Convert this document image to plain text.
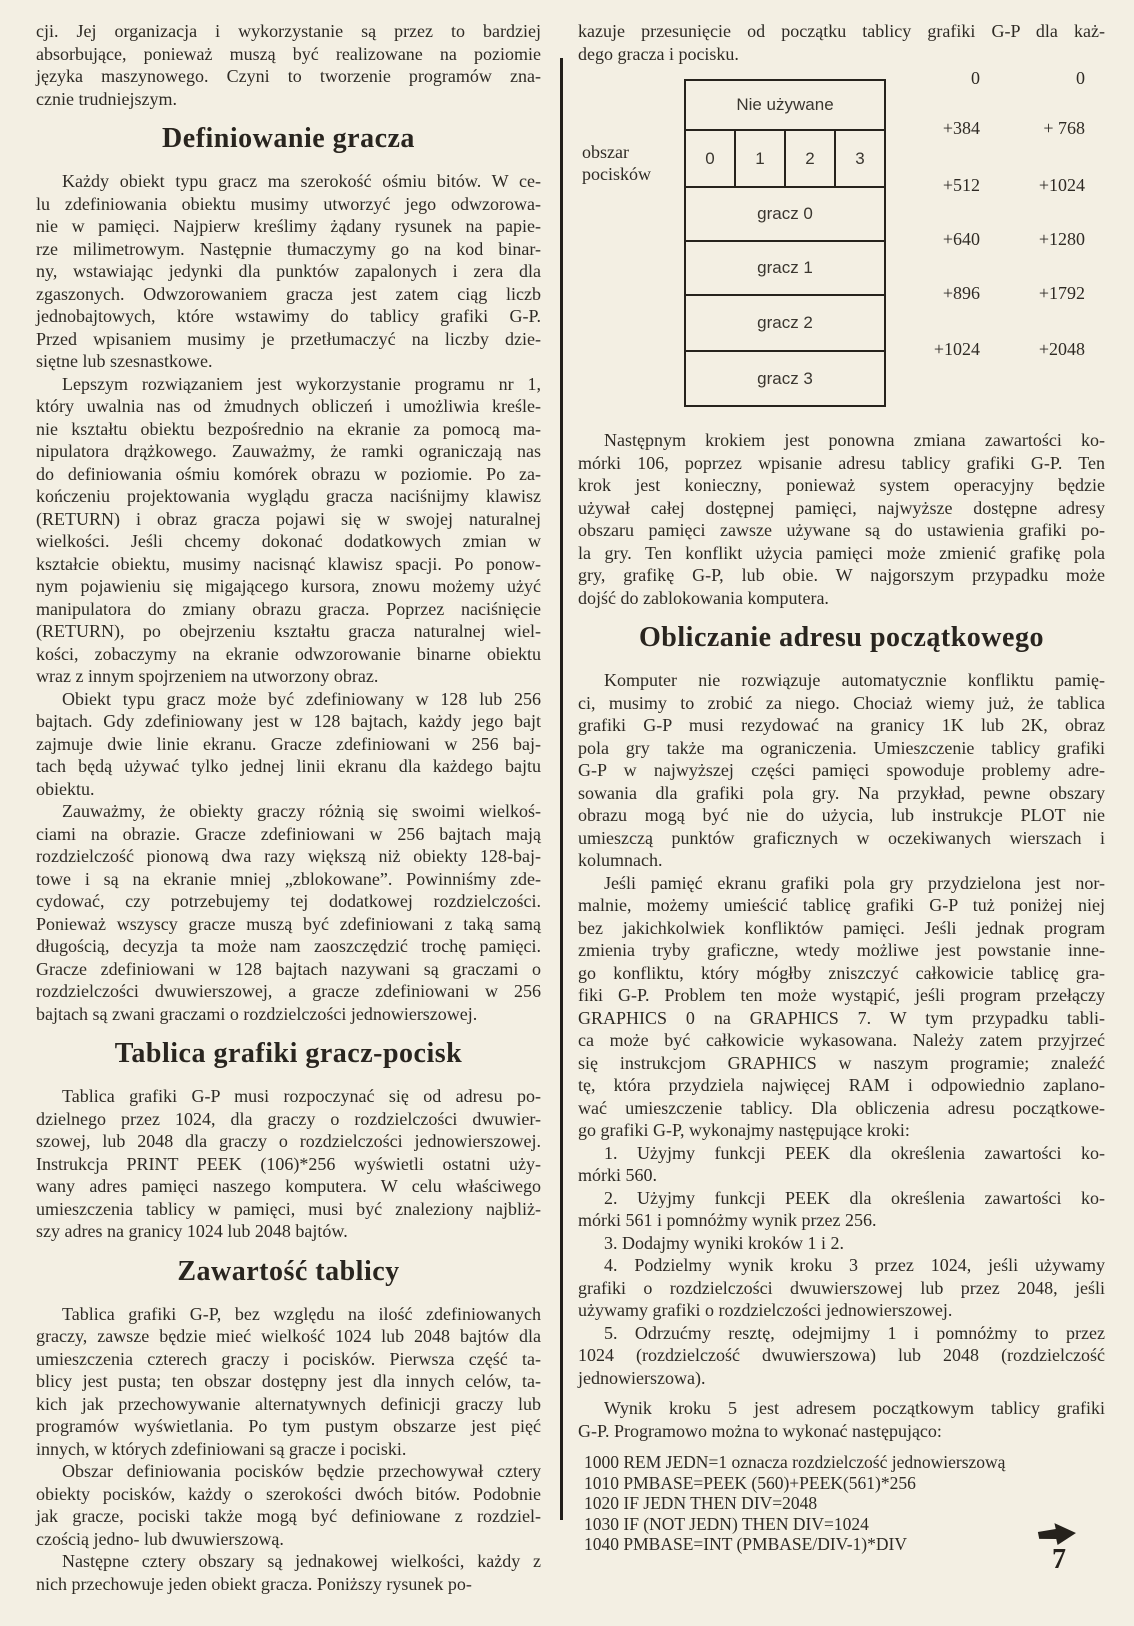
cji. Jej organizacja i wykorzystanie są przez to bardziej
absorbujące, ponieważ muszą być realizowane na poziomie
języka maszynowego. Czyni to tworzenie programów zna-
cznie trudniejszym.
Definiowanie gracza
Każdy obiekt typu gracz ma szerokość ośmiu bitów. W ce-
lu zdefiniowania obiektu musimy utworzyć jego odwzorowa-
nie w pamięci. Najpierw kreślimy żądany rysunek na papie-
rze milimetrowym. Następnie tłumaczymy go na kod binar-
ny, wstawiając jedynki dla punktów zapalonych i zera dla
zgaszonych. Odwzorowaniem gracza jest zatem ciąg liczb
jednobajtowych, które wstawimy do tablicy grafiki G-P.
Przed wpisaniem musimy je przetłumaczyć na liczby dzie-
siętne lub szesnastkowe.
Lepszym rozwiązaniem jest wykorzystanie programu nr 1,
który uwalnia nas od żmudnych obliczeń i umożliwia kreśle-
nie kształtu obiektu bezpośrednio na ekranie za pomocą ma-
nipulatora drążkowego. Zauważmy, że ramki ograniczają nas
do definiowania ośmiu komórek obrazu w poziomie. Po za-
kończeniu projektowania wyglądu gracza naciśnijmy klawisz
(RETURN) i obraz gracza pojawi się w swojej naturalnej
wielkości. Jeśli chcemy dokonać dodatkowych zmian w
kształcie obiektu, musimy nacisnąć klawisz spacji. Po ponow-
nym pojawieniu się migającego kursora, znowu możemy użyć
manipulatora do zmiany obrazu gracza. Poprzez naciśnięcie
(RETURN), po obejrzeniu kształtu gracza naturalnej wiel-
kości, zobaczymy na ekranie odwzorowanie binarne obiektu
wraz z innym spojrzeniem na utworzony obraz.
Obiekt typu gracz może być zdefiniowany w 128 lub 256
bajtach. Gdy zdefiniowany jest w 128 bajtach, każdy jego bajt
zajmuje dwie linie ekranu. Gracze zdefiniowani w 256 baj-
tach będą używać tylko jednej linii ekranu dla każdego bajtu
obiektu.
Zauważmy, że obiekty graczy różnią się swoimi wielkoś-
ciami na obrazie. Gracze zdefiniowani w 256 bajtach mają
rozdzielczość pionową dwa razy większą niż obiekty 128-baj-
towe i są na ekranie mniej „zblokowane”. Powinniśmy zde-
cydować, czy potrzebujemy tej dodatkowej rozdzielczości.
Ponieważ wszyscy gracze muszą być zdefiniowani z taką samą
długością, decyzja ta może nam zaoszczędzić trochę pamięci.
Gracze zdefiniowani w 128 bajtach nazywani są graczami o
rozdzielczości dwuwierszowej, a gracze zdefiniowani w 256
bajtach są zwani graczami o rozdzielczości jednowierszowej.
Tablica grafiki gracz-pocisk
Tablica grafiki G-P musi rozpoczynać się od adresu po-
dzielnego przez 1024, dla graczy o rozdzielczości dwuwier-
szowej, lub 2048 dla graczy o rozdzielczości jednowierszowej.
Instrukcja PRINT PEEK (106)*256 wyświetli ostatni uży-
wany adres pamięci naszego komputera. W celu właściwego
umieszczenia tablicy w pamięci, musi być znaleziony najbliż-
szy adres na granicy 1024 lub 2048 bajtów.
Zawartość tablicy
Tablica grafiki G-P, bez względu na ilość zdefiniowanych
graczy, zawsze będzie mieć wielkość 1024 lub 2048 bajtów dla
umieszczenia czterech graczy i pocisków. Pierwsza część ta-
blicy jest pusta; ten obszar dostępny jest dla innych celów, ta-
kich jak przechowywanie alternatywnych definicji graczy lub
programów wyświetlania. Po tym pustym obszarze jest pięć
innych, w których zdefiniowani są gracze i pociski.
Obszar definiowania pocisków będzie przechowywał cztery
obiekty pocisków, każdy o szerokości dwóch bitów. Podobnie
jak gracze, pociski także mogą być definiowane z rozdziel-
czością jedno- lub dwuwierszową.
Następne cztery obszary są jednakowej wielkości, każdy z
nich przechowuje jeden obiekt gracza. Poniższy rysunek po-
kazuje przesunięcie od początku tablicy grafiki G-P dla każ-
dego gracza i pocisku.
obszar
pocisków
Nie używane
0	1	2	3
gracz 0
gracz 1
gracz 2
gracz 3
0	0
+384	+ 768
+512	+1024
+640	+1280
+896	+1792
+1024	+2048
Następnym krokiem jest ponowna zmiana zawartości ko-
mórki 106, poprzez wpisanie adresu tablicy grafiki G-P. Ten
krok jest konieczny, ponieważ system operacyjny będzie
używał całej dostępnej pamięci, najwyższe dostępne adresy
obszaru pamięci zawsze używane są do ustawienia grafiki po-
la gry. Ten konflikt użycia pamięci może zmienić grafikę pola
gry, grafikę G-P, lub obie. W najgorszym przypadku może
dojść do zablokowania komputera.
Obliczanie adresu początkowego
Komputer nie rozwiązuje automatycznie konfliktu pamię-
ci, musimy to zrobić za niego. Chociaż wiemy już, że tablica
grafiki G-P musi rezydować na granicy 1K lub 2K, obraz
pola gry także ma ograniczenia. Umieszczenie tablicy grafiki
G-P w najwyższej części pamięci spowoduje problemy adre-
sowania dla grafiki pola gry. Na przykład, pewne obszary
obrazu mogą być nie do użycia, lub instrukcje PLOT nie
umieszczą punktów graficznych w oczekiwanych wierszach i
kolumnach.
Jeśli pamięć ekranu grafiki pola gry przydzielona jest nor-
malnie, możemy umieścić tablicę grafiki G-P tuż poniżej niej
bez jakichkolwiek konfliktów pamięci. Jeśli jednak program
zmienia tryby graficzne, wtedy możliwe jest powstanie inne-
go konfliktu, który mógłby zniszczyć całkowicie tablicę gra-
fiki G-P. Problem ten może wystąpić, jeśli program przełączy
GRAPHICS 0 na GRAPHICS 7. W tym przypadku tabli-
ca może być całkowicie wykasowana. Należy zatem przyjrzeć
się instrukcjom GRAPHICS w naszym programie; znaleźć
tę, która przydziela najwięcej RAM i odpowiednio zaplano-
wać umieszczenie tablicy. Dla obliczenia adresu początkowe-
go grafiki G-P, wykonajmy następujące kroki:
1. Użyjmy funkcji PEEK dla określenia zawartości ko-
mórki 560.
2. Użyjmy funkcji PEEK dla określenia zawartości ko-
mórki 561 i pomnóżmy wynik przez 256.
3. Dodajmy wyniki kroków 1 i 2.
4. Podzielmy wynik kroku 3 przez 1024, jeśli używamy
grafiki o rozdzielczości dwuwierszowej lub przez 2048, jeśli
używamy grafiki o rozdzielczości jednowierszowej.
5. Odrzućmy resztę, odejmijmy 1 i pomnóżmy to przez
1024 (rozdzielczość dwuwierszowa) lub 2048 (rozdzielczość
jednowierszowa).
Wynik kroku 5 jest adresem początkowym tablicy grafiki
G-P. Programowo można to wykonać następująco:
1000 REM JEDN=1 oznacza rozdzielczość jednowierszową
1010 PMBASE=PEEK (560)+PEEK(561)*256
1020 IF JEDN THEN DIV=2048
1030 IF (NOT JEDN) THEN DIV=1024
1040 PMBASE=INT (PMBASE/DIV-1)*DIV	7
